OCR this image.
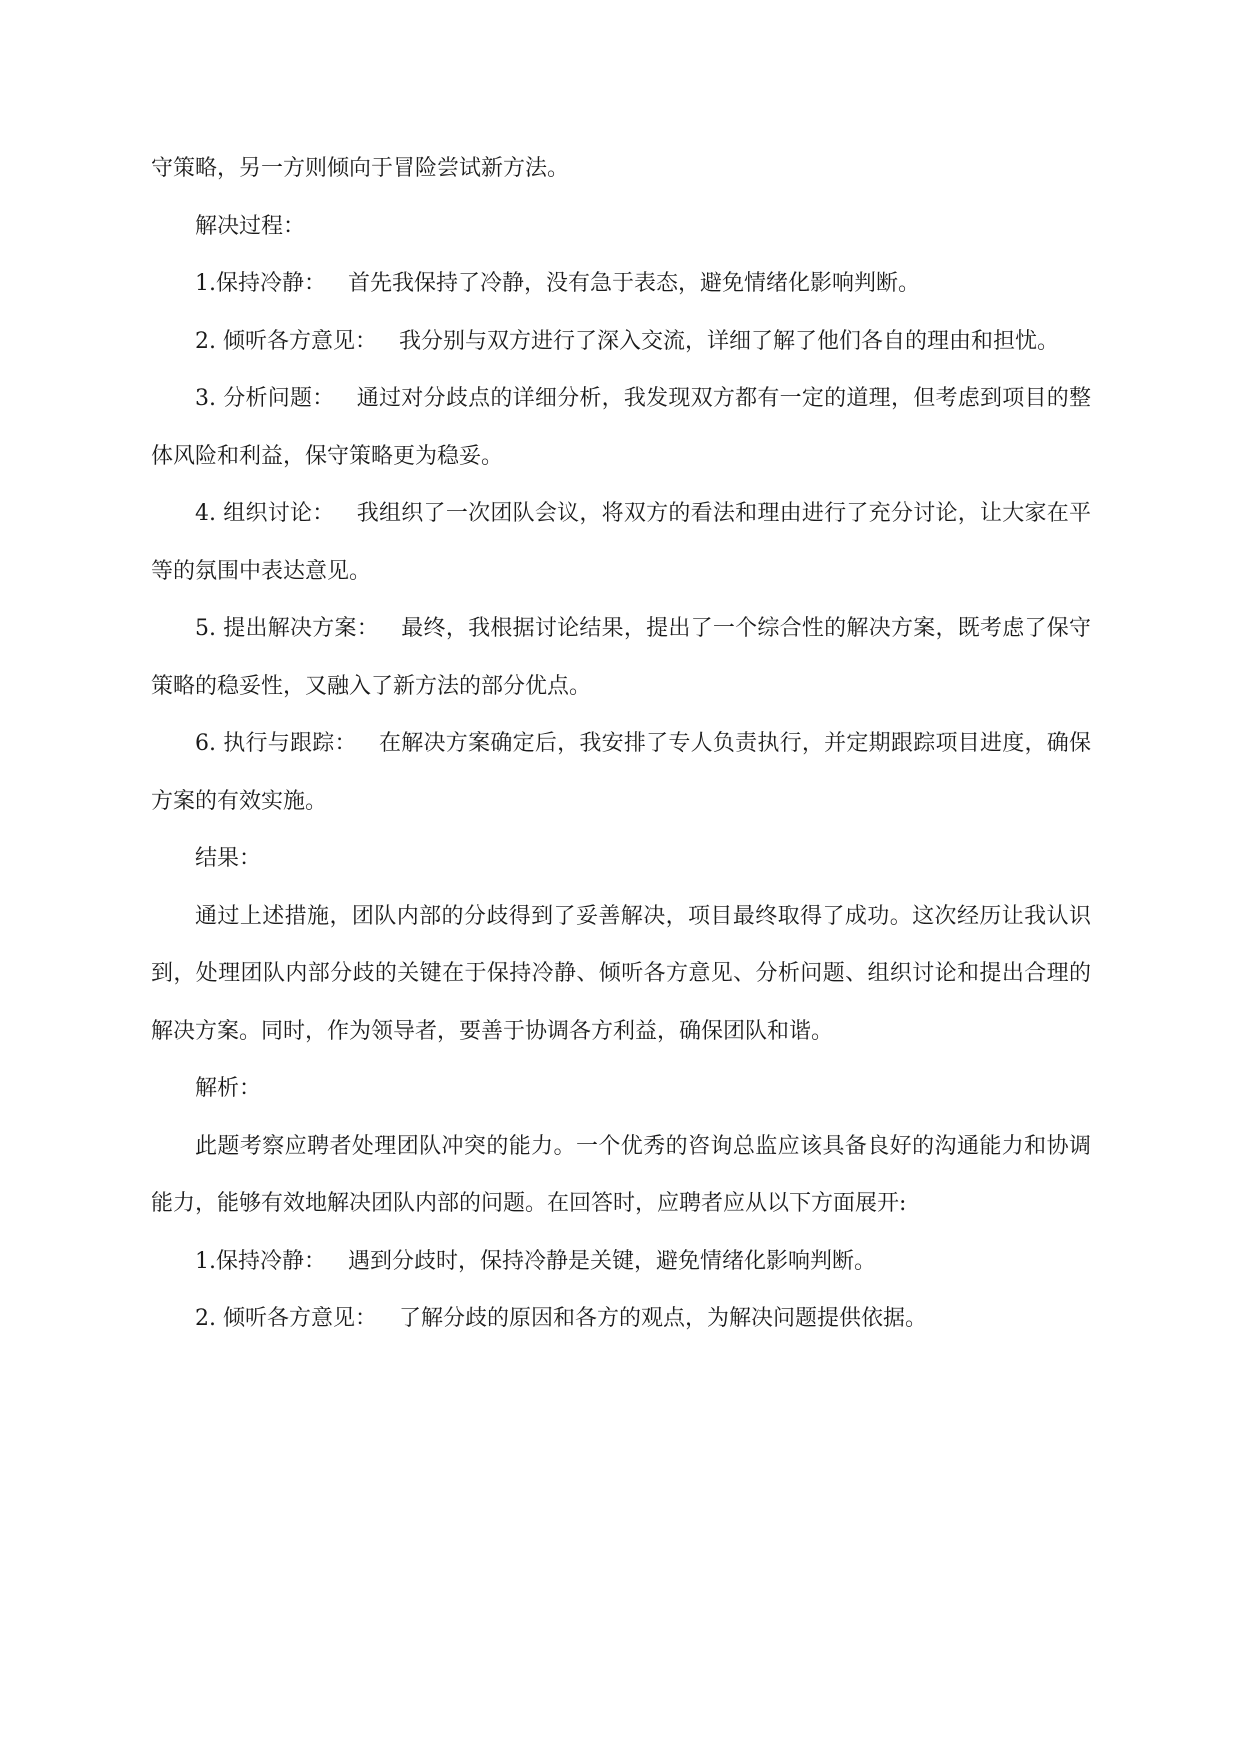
守策略，另一方则倾向于冒险尝试新方法。

解决过程：

1.保持冷静： 首先我保持了冷静，没有急于表态，避免情绪化影响判断。

2. 倾听各方意见： 我分别与双方进行了深入交流，详细了解了他们各自的理由和担忧。

3. 分析问题： 通过对分歧点的详细分析，我发现双方都有一定的道理，但考虑到项目的整体风险和利益，保守策略更为稳妥。

4. 组织讨论： 我组织了一次团队会议，将双方的看法和理由进行了充分讨论，让大家在平等的氛围中表达意见。

5. 提出解决方案： 最终，我根据讨论结果，提出了一个综合性的解决方案，既考虑了保守策略的稳妥性，又融入了新方法的部分优点。

6. 执行与跟踪： 在解决方案确定后，我安排了专人负责执行，并定期跟踪项目进度，确保方案的有效实施。

结果：

通过上述措施，团队内部的分歧得到了妥善解决，项目最终取得了成功。这次经历让我认识到，处理团队内部分歧的关键在于保持冷静、倾听各方意见、分析问题、组织讨论和提出合理的解决方案。同时，作为领导者，要善于协调各方利益，确保团队和谐。

解析：

此题考察应聘者处理团队冲突的能力。一个优秀的咨询总监应该具备良好的沟通能力和协调能力，能够有效地解决团队内部的问题。在回答时，应聘者应从以下方面展开:

1.保持冷静： 遇到分歧时，保持冷静是关键，避免情绪化影响判断。

2. 倾听各方意见： 了解分歧的原因和各方的观点，为解决问题提供依据。
